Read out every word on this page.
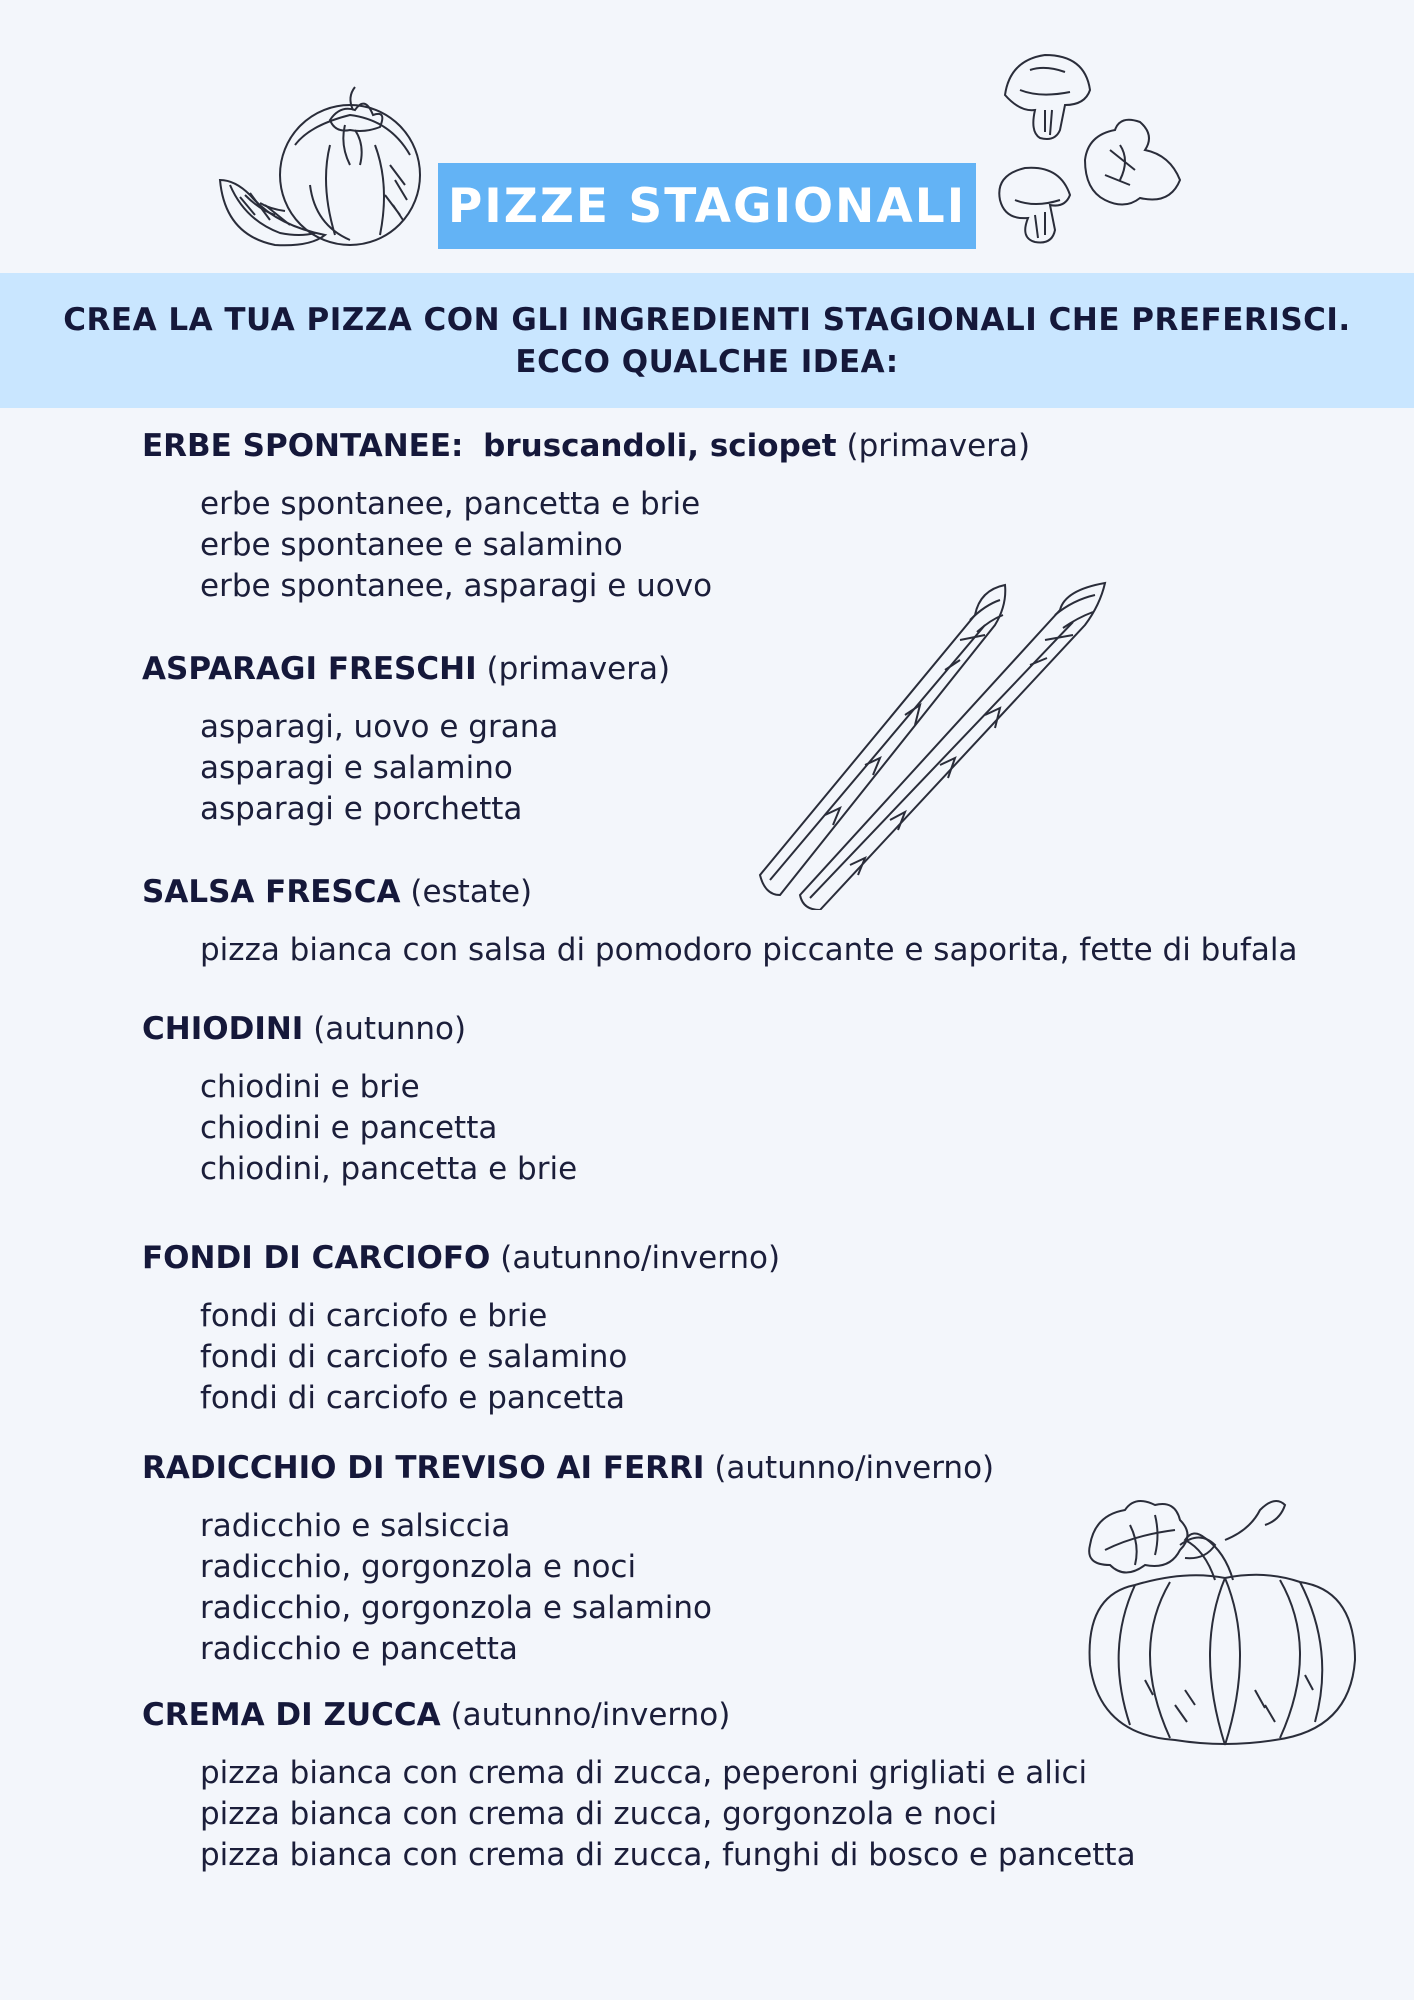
PIZZE STAGIONALI
CREA LA TUA PIZZA CON GLI INGREDIENTI STAGIONALI CHE PREFERISCI.
ECCO QUALCHE IDEA:
ERBE SPONTANEE: bruscandoli, sciopet (primavera)
erbe spontanee, pancetta e brie
erbe spontanee e salamino
erbe spontanee, asparagi e uovo
ASPARAGI FRESCHI (primavera)
asparagi, uovo e grana
asparagi e salamino
asparagi e porchetta
SALSA FRESCA (estate)
pizza bianca con salsa di pomodoro piccante e saporita, fette di bufala
CHIODINI (autunno)
chiodini e brie
chiodini e pancetta
chiodini, pancetta e brie
FONDI DI CARCIOFO (autunno/inverno)
fondi di carciofo e brie
fondi di carciofo e salamino
fondi di carciofo e pancetta
RADICCHIO DI TREVISO AI FERRI (autunno/inverno)
radicchio e salsiccia
radicchio, gorgonzola e noci
radicchio, gorgonzola e salamino
radicchio e pancetta
CREMA DI ZUCCA (autunno/inverno)
pizza bianca con crema di zucca, peperoni grigliati e alici
pizza bianca con crema di zucca, gorgonzola e noci
pizza bianca con crema di zucca, funghi di bosco e pancetta
